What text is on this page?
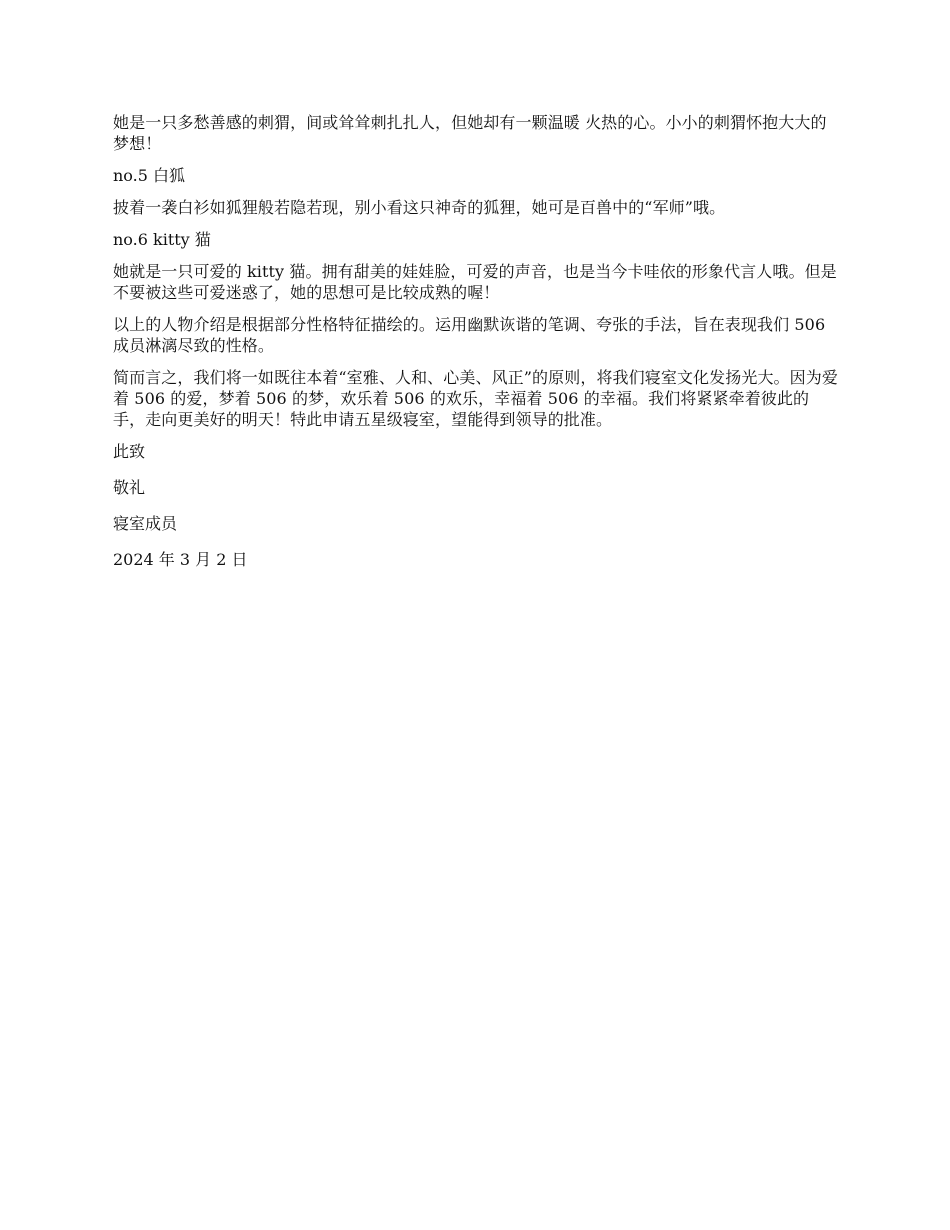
她是一只多愁善感的刺猬，间或耸耸刺扎扎人，但她却有一颗温暖 火热的心。小小的刺猬怀抱大大的梦想！

no.5 白狐

披着一袭白衫如狐狸般若隐若现，别小看这只神奇的狐狸，她可是百兽中的“军师”哦。

no.6 kitty 猫

她就是一只可爱的 kitty 猫。拥有甜美的娃娃脸，可爱的声音，也是当今卡哇依的形象代言人哦。但是不要被这些可爱迷惑了，她的思想可是比较成熟的喔！

以上的人物介绍是根据部分性格特征描绘的。运用幽默诙谐的笔调、夸张的手法，旨在表现我们 506 成员淋漓尽致的性格。

简而言之，我们将一如既往本着“室雅、人和、心美、风正”的原则，将我们寝室文化发扬光大。因为爱着 506 的爱，梦着 506 的梦，欢乐着 506 的欢乐，幸福着 506 的幸福。我们将紧紧牵着彼此的手，走向更美好的明天！特此申请五星级寝室，望能得到领导的批准。

此致

敬礼

寝室成员

2024 年 3 月 2 日
